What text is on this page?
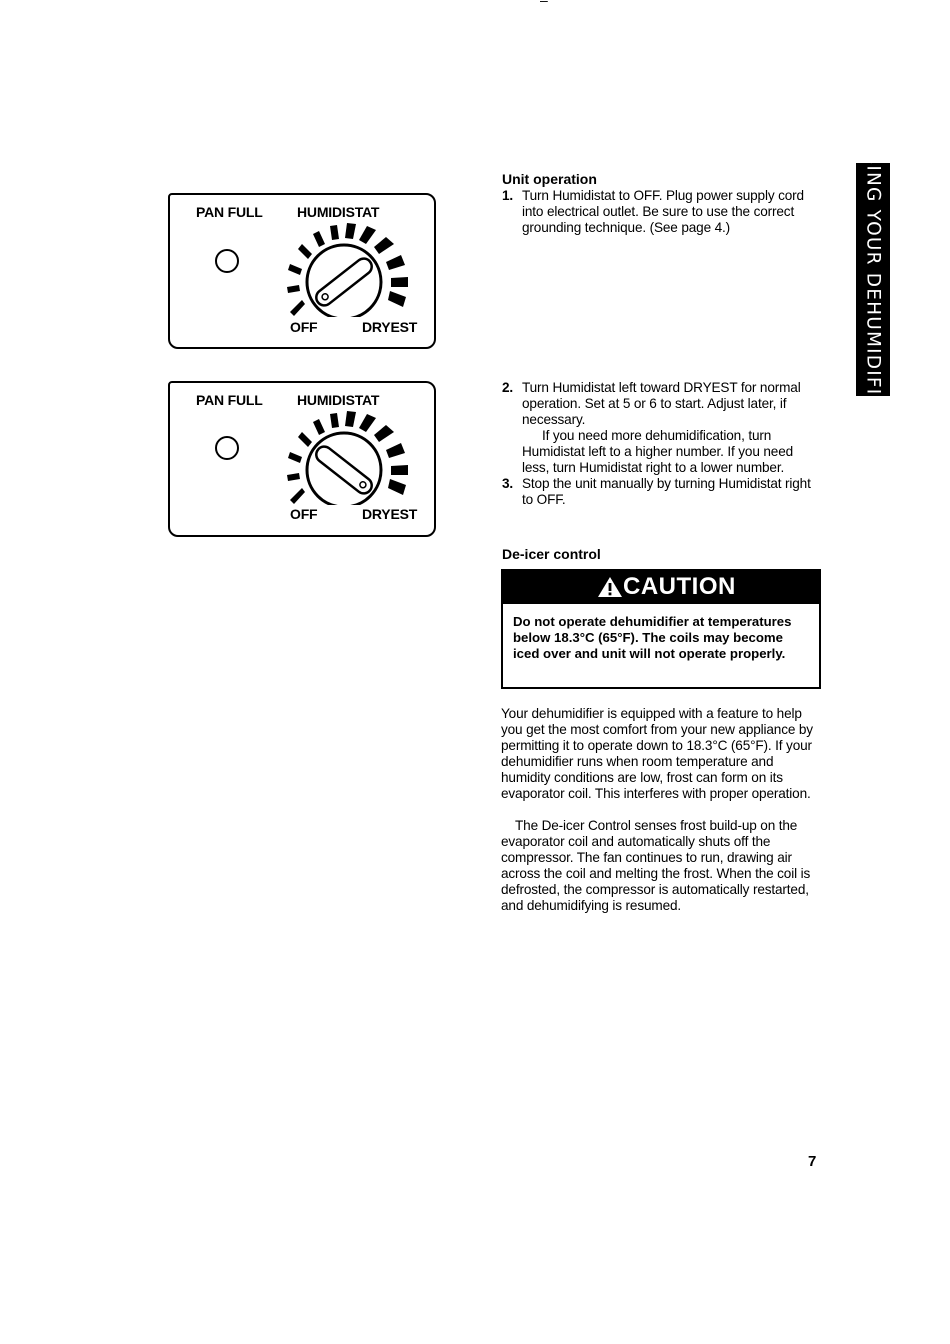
–
PAN FULL HUMIDISTAT
OFF	DRYEST
PAN FULL HUMIDISTAT
OFF	DRYEST
Unit operation
1. Turn Humidistat to OFF. Plug power supply cord into electrical outlet. Be sure to use the correct grounding technique. (See page 4.)
2. Turn Humidistat left toward DRYEST for normal operation. Set at 5 or 6 to start. Adjust later, if necessary.
If you need more dehumidification, turn Humidistat left to a higher number. If you need less, turn Humidistat right to a lower number.
3. Stop the unit manually by turning Humidistat right to OFF.
De-icer control
CAUTION
Do not operate dehumidifier at temperatures below 18.3°C (65°F). The coils may become iced over and unit will not operate properly.
Your dehumidifier is equipped with a feature to help you get the most comfort from your new appliance by permitting it to operate down to 18.3°C (65°F). If your dehumidifier runs when room temperature and humidity conditions are low, frost can form on its evaporator coil. This interferes with proper operation.
The De-icer Control senses frost build-up on the evaporator coil and automatically shuts off the compressor. The fan continues to run, drawing air across the coil and melting the frost. When the coil is defrosted, the compressor is automatically restarted, and dehumidifying is resumed.
USING YOUR DEHUMIDIFIER
7
